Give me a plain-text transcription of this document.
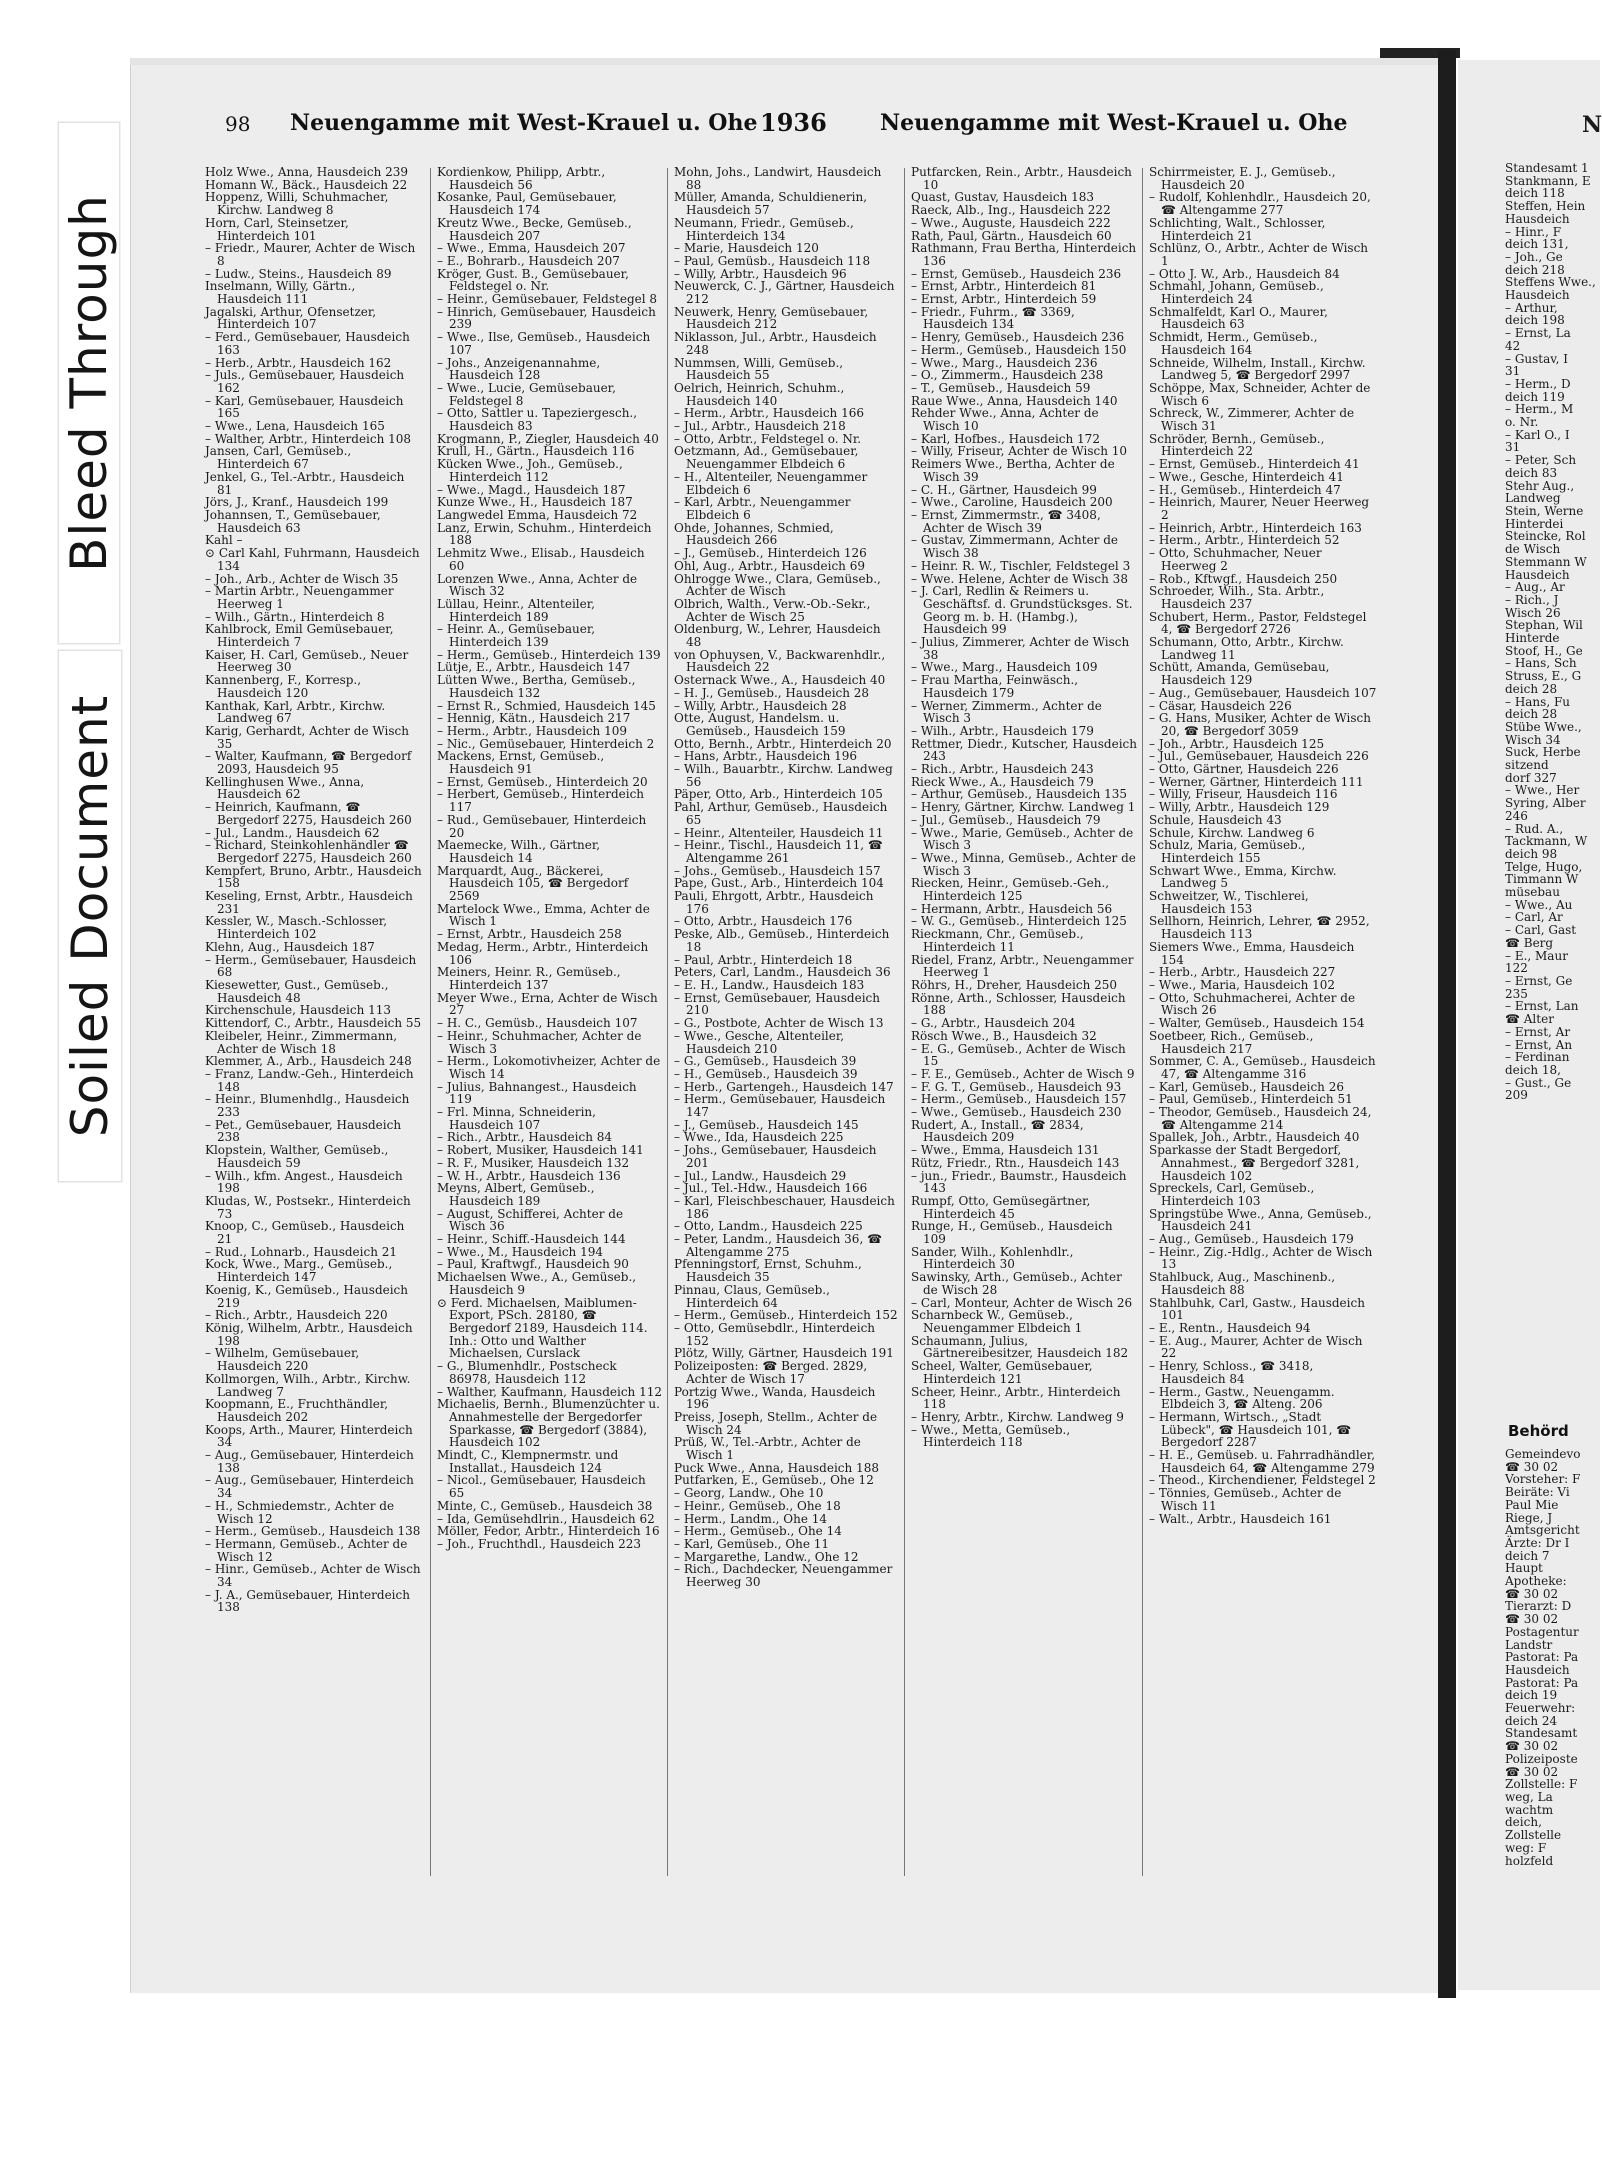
Bleed Through
Soiled Document
98 Neuengamme mit West-Krauel u. Ohe 1936 Neuengamme mit West-Krauel u. Ohe	N

Holz Wwe., Anna, Hausdeich 239

Homann W., Bäck., Hausdeich 22

Hoppenz, Willi, Schuhmacher, Kirchw. Landweg 8

Horn, Carl, Steinsetzer, Hinterdeich 101

– Friedr., Maurer, Achter de Wisch 8

– Ludw., Steins., Hausdeich 89

Inselmann, Willy, Gärtn., Hausdeich 111

Jagalski, Arthur, Ofensetzer, Hinterdeich 107

– Ferd., Gemüsebauer, Hausdeich 163

– Herb., Arbtr., Hausdeich 162

– Juls., Gemüsebauer, Hausdeich 162

– Karl, Gemüsebauer, Hausdeich 165

– Wwe., Lena, Hausdeich 165

– Walther, Arbtr., Hinterdeich 108

Jansen, Carl, Gemüseb., Hinterdeich 67

Jenkel, G., Tel.-Arbtr., Hausdeich 81

Jörs, J., Kranf., Hausdeich 199

Johannsen, T., Gemüsebauer, Hausdeich 63

Kahl –

⊙ Carl Kahl, Fuhrmann, Hausdeich 134

– Joh., Arb., Achter de Wisch 35

– Martin Arbtr., Neuengammer Heerweg 1

– Wilh., Gärtn., Hinterdeich 8

Kahlbrock, Emil Gemüsebauer, Hinterdeich 7

Kaiser, H. Carl, Gemüseb., Neuer Heerweg 30

Kannenberg, F., Korresp., Hausdeich 120

Kanthak, Karl, Arbtr., Kirchw. Landweg 67

Karig, Gerhardt, Achter de Wisch 35

– Walter, Kaufmann, ☎ Bergedorf 2093, Hausdeich 95

Kellinghusen Wwe., Anna, Hausdeich 62

– Heinrich, Kaufmann, ☎ Bergedorf 2275, Hausdeich 260

– Jul., Landm., Hausdeich 62

– Richard, Steinkohlenhändler ☎ Bergedorf 2275, Hausdeich 260

Kempfert, Bruno, Arbtr., Hausdeich 158

Keseling, Ernst, Arbtr., Hausdeich 231

Kessler, W., Masch.-Schlosser, Hinterdeich 102

Klehn, Aug., Hausdeich 187

– Herm., Gemüsebauer, Hausdeich 68

Kiesewetter, Gust., Gemüseb., Hausdeich 48

Kirchenschule, Hausdeich 113

Kittendorf, C., Arbtr., Hausdeich 55

Kleibeler, Heinr., Zimmermann, Achter de Wisch 18

Klemmer, A., Arb., Hausdeich 248

– Franz, Landw.-Geh., Hinterdeich 148

– Heinr., Blumenhdlg., Hausdeich 233

– Pet., Gemüsebauer, Hausdeich 238

Klopstein, Walther, Gemüseb., Hausdeich 59

– Wilh., kfm. Angest., Hausdeich 198

Kludas, W., Postsekr., Hinterdeich 73

Knoop, C., Gemüseb., Hausdeich 21

– Rud., Lohnarb., Hausdeich 21

Kock, Wwe., Marg., Gemüseb., Hinterdeich 147

Koenig, K., Gemüseb., Hausdeich 219

– Rich., Arbtr., Hausdeich 220

König, Wilhelm, Arbtr., Hausdeich 198

– Wilhelm, Gemüsebauer, Hausdeich 220

Kollmorgen, Wilh., Arbtr., Kirchw. Landweg 7

Koopmann, E., Fruchthändler, Hausdeich 202

Koops, Arth., Maurer, Hinterdeich 34

– Aug., Gemüsebauer, Hinterdeich 138

– Aug., Gemüsebauer, Hinterdeich 34

– H., Schmiedemstr., Achter de Wisch 12

– Herm., Gemüseb., Hausdeich 138

– Hermann, Gemüseb., Achter de Wisch 12

– Hinr., Gemüseb., Achter de Wisch 34

– J. A., Gemüsebauer, Hinterdeich 138

Kordienkow, Philipp, Arbtr., Hausdeich 56

Kosanke, Paul, Gemüsebauer, Hausdeich 174

Kreutz Wwe., Becke, Gemüseb., Hausdeich 207

– Wwe., Emma, Hausdeich 207

– E., Bohrarb., Hausdeich 207

Kröger, Gust. B., Gemüsebauer, Feldstegel o. Nr.

– Heinr., Gemüsebauer, Feldstegel 8

– Hinrich, Gemüsebauer, Hausdeich 239

– Wwe., Ilse, Gemüseb., Hausdeich 107

– Johs., Anzeigenannahme, Hausdeich 128

– Wwe., Lucie, Gemüsebauer, Feldstegel 8

– Otto, Sattler u. Tapeziergesch., Hausdeich 83

Krogmann, P., Ziegler, Hausdeich 40

Krull, H., Gärtn., Hausdeich 116

Kücken Wwe., Joh., Gemüseb., Hinterdeich 112

– Wwe., Magd., Hausdeich 187

Kunze Wwe., H., Hausdeich 187

Langwedel Emma, Hausdeich 72

Lanz, Erwin, Schuhm., Hinterdeich 188

Lehmitz Wwe., Elisab., Hausdeich 60

Lorenzen Wwe., Anna, Achter de Wisch 32

Lüllau, Heinr., Altenteiler, Hinterdeich 189

– Heinr. A., Gemüsebauer, Hinterdeich 139

– Herm., Gemüseb., Hinterdeich 139

Lütje, E., Arbtr., Hausdeich 147

Lütten Wwe., Bertha, Gemüseb., Hausdeich 132

– Ernst R., Schmied, Hausdeich 145

– Hennig, Kätn., Hausdeich 217

– Herm., Arbtr., Hausdeich 109

– Nic., Gemüsebauer, Hinterdeich 2

Mackens, Ernst, Gemüseb., Hausdeich 91

– Ernst, Gemüseb., Hinterdeich 20

– Herbert, Gemüseb., Hinterdeich 117

– Rud., Gemüsebauer, Hinterdeich 20

Maemecke, Wilh., Gärtner, Hausdeich 14

Marquardt, Aug., Bäckerei, Hausdeich 105, ☎ Bergedorf 2569

Martelock Wwe., Emma, Achter de Wisch 1

– Ernst, Arbtr., Hausdeich 258

Medag, Herm., Arbtr., Hinterdeich 106

Meiners, Heinr. R., Gemüseb., Hinterdeich 137

Meyer Wwe., Erna, Achter de Wisch 27

– H. C., Gemüsb., Hausdeich 107

– Heinr., Schuhmacher, Achter de Wisch 3

– Herm., Lokomotivheizer, Achter de Wisch 14

– Julius, Bahnangest., Hausdeich 119

– Frl. Minna, Schneiderin, Hausdeich 107

– Rich., Arbtr., Hausdeich 84

– Robert, Musiker, Hausdeich 141

– R. F., Musiker, Hausdeich 132

– W. H., Arbtr., Hausdeich 136

Meyns, Albert, Gemüseb., Hausdeich 189

– August, Schifferei, Achter de Wisch 36

– Heinr., Schiff.-Hausdeich 144

– Wwe., M., Hausdeich 194

– Paul, Kraftwgf., Hausdeich 90

Michaelsen Wwe., A., Gemüseb., Hausdeich 9

⊙ Ferd. Michaelsen, Maiblumen-Export, PSch. 28180, ☎ Bergedorf 2189, Hausdeich 114. Inh.: Otto und Walther Michaelsen, Curslack

– G., Blumenhdlr., Postscheck 86978, Hausdeich 112

– Walther, Kaufmann, Hausdeich 112

Michaelis, Bernh., Blumenzüchter u. Annahmestelle der Bergedorfer Sparkasse, ☎ Bergedorf (3884), Hausdeich 102

Mindt, C., Klempnermstr. und Installat., Hausdeich 124

– Nicol., Gemüsebauer, Hausdeich 65

Minte, C., Gemüseb., Hausdeich 38

– Ida, Gemüsehdlrin., Hausdeich 62

Möller, Fedor, Arbtr., Hinterdeich 16

– Joh., Fruchthdl., Hausdeich 223

Mohn, Johs., Landwirt, Hausdeich 88

Müller, Amanda, Schuldienerin, Hausdeich 57

Neumann, Friedr., Gemüseb., Hinterdeich 134

– Marie, Hausdeich 120

– Paul, Gemüsb., Hausdeich 118

– Willy, Arbtr., Hausdeich 96

Neuwerck, C. J., Gärtner, Hausdeich 212

Neuwerk, Henry, Gemüsebauer, Hausdeich 212

Niklasson, Jul., Arbtr., Hausdeich 248

Nummsen, Willi, Gemüseb., Hausdeich 55

Oelrich, Heinrich, Schuhm., Hausdeich 140

– Herm., Arbtr., Hausdeich 166

– Jul., Arbtr., Hausdeich 218

– Otto, Arbtr., Feldstegel o. Nr.

Oetzmann, Ad., Gemüsebauer, Neuengammer Elbdeich 6

– H., Altenteiler, Neuengammer Elbdeich 6

– Karl, Arbtr., Neuengammer Elbdeich 6

Ohde, Johannes, Schmied, Hausdeich 266

– J., Gemüseb., Hinterdeich 126

Ohl, Aug., Arbtr., Hausdeich 69

Ohlrogge Wwe., Clara, Gemüseb., Achter de Wisch

Olbrich, Walth., Verw.-Ob.-Sekr., Achter de Wisch 25

Oldenburg, W., Lehrer, Hausdeich 48

von Ophuysen, V., Backwarenhdlr., Hausdeich 22

Osternack Wwe., A., Hausdeich 40

– H. J., Gemüseb., Hausdeich 28

– Willy, Arbtr., Hausdeich 28

Otte, August, Handelsm. u. Gemüseb., Hausdeich 159

Otto, Bernh., Arbtr., Hinterdeich 20

– Hans, Arbtr., Hausdeich 196

– Wilh., Bauarbtr., Kirchw. Landweg 56

Päper, Otto, Arb., Hinterdeich 105

Pahl, Arthur, Gemüseb., Hausdeich 65

– Heinr., Altenteiler, Hausdeich 11

– Heinr., Tischl., Hausdeich 11, ☎ Altengamme 261

– Johs., Gemüseb., Hausdeich 157

Pape, Gust., Arb., Hinterdeich 104

Pauli, Ehrgott, Arbtr., Hausdeich 176

– Otto, Arbtr., Hausdeich 176

Peske, Alb., Gemüseb., Hinterdeich 18

– Paul, Arbtr., Hinterdeich 18

Peters, Carl, Landm., Hausdeich 36

– E. H., Landw., Hausdeich 183

– Ernst, Gemüsebauer, Hausdeich 210

– G., Postbote, Achter de Wisch 13

– Wwe., Gesche, Altenteiler, Hausdeich 210

– G., Gemüseb., Hausdeich 39

– H., Gemüseb., Hausdeich 39

– Herb., Gartengeh., Hausdeich 147

– Herm., Gemüsebauer, Hausdeich 147

– J., Gemüseb., Hausdeich 145

– Wwe., Ida, Hausdeich 225

– Johs., Gemüsebauer, Hausdeich 201

– Jul., Landw., Hausdeich 29

– Jul., Tel.-Hdw., Hausdeich 166

– Karl, Fleischbeschauer, Hausdeich 186

– Otto, Landm., Hausdeich 225

– Peter, Landm., Hausdeich 36, ☎ Altengamme 275

Pfenningstorf, Ernst, Schuhm., Hausdeich 35

Pinnau, Claus, Gemüseb., Hinterdeich 64

– Herm., Gemüseb., Hinterdeich 152

– Otto, Gemüsebdlr., Hinterdeich 152

Plötz, Willy, Gärtner, Hausdeich 191

Polizeiposten: ☎ Berged. 2829, Achter de Wisch 17

Portzig Wwe., Wanda, Hausdeich 196

Preiss, Joseph, Stellm., Achter de Wisch 24

Prüß, W., Tel.-Arbtr., Achter de Wisch 1

Puck Wwe., Anna, Hausdeich 188

Putfarken, E., Gemüseb., Ohe 12

– Georg, Landw., Ohe 10

– Heinr., Gemüseb., Ohe 18

– Herm., Landm., Ohe 14

– Herm., Gemüseb., Ohe 14

– Karl, Gemüseb., Ohe 11

– Margarethe, Landw., Ohe 12

– Rich., Dachdecker, Neuengammer Heerweg 30

Putfarcken, Rein., Arbtr., Hausdeich 10

Quast, Gustav, Hausdeich 183

Raeck, Alb., Ing., Hausdeich 222

– Wwe., Auguste, Hausdeich 222

Rath, Paul, Gärtn., Hausdeich 60

Rathmann, Frau Bertha, Hinterdeich 136

– Ernst, Gemüseb., Hausdeich 236

– Ernst, Arbtr., Hinterdeich 81

– Ernst, Arbtr., Hinterdeich 59

– Friedr., Fuhrm., ☎ 3369, Hausdeich 134

– Henry, Gemüseb., Hausdeich 236

– Herm., Gemüseb., Hausdeich 150

– Wwe., Marg., Hausdeich 236

– O., Zimmerm., Hausdeich 238

– T., Gemüseb., Hausdeich 59

Raue Wwe., Anna, Hausdeich 140

Rehder Wwe., Anna, Achter de Wisch 10

– Karl, Hofbes., Hausdeich 172

– Willy, Friseur, Achter de Wisch 10

Reimers Wwe., Bertha, Achter de Wisch 39

– C. H., Gärtner, Hausdeich 99

– Wwe., Caroline, Hausdeich 200

– Ernst, Zimmermstr., ☎ 3408, Achter de Wisch 39

– Gustav, Zimmermann, Achter de Wisch 38

– Heinr. R. W., Tischler, Feldstegel 3

– Wwe. Helene, Achter de Wisch 38

– J. Carl, Redlin & Reimers u. Geschäftsf. d. Grundstücksges. St. Georg m. b. H. (Hambg.), Hausdeich 99

– Julius, Zimmerer, Achter de Wisch 38

– Wwe., Marg., Hausdeich 109

– Frau Martha, Feinwäsch., Hausdeich 179

– Werner, Zimmerm., Achter de Wisch 3

– Wilh., Arbtr., Hausdeich 179

Rettmer, Diedr., Kutscher, Hausdeich 243

– Rich., Arbtr., Hausdeich 243

Rieck Wwe., A., Hausdeich 79

– Arthur, Gemüseb., Hausdeich 135

– Henry, Gärtner, Kirchw. Landweg 1

– Jul., Gemüseb., Hausdeich 79

– Wwe., Marie, Gemüseb., Achter de Wisch 3

– Wwe., Minna, Gemüseb., Achter de Wisch 3

Riecken, Heinr., Gemüseb.-Geh., Hinterdeich 125

– Hermann, Arbtr., Hausdeich 56

– W. G., Gemüseb., Hinterdeich 125

Rieckmann, Chr., Gemüseb., Hinterdeich 11

Riedel, Franz, Arbtr., Neuengammer Heerweg 1

Röhrs, H., Dreher, Hausdeich 250

Rönne, Arth., Schlosser, Hausdeich 188

– G., Arbtr., Hausdeich 204

Rösch Wwe., B., Hausdeich 32

– E. G., Gemüseb., Achter de Wisch 15

– F. E., Gemüseb., Achter de Wisch 9

– F. G. T., Gemüseb., Hausdeich 93

– Herm., Gemüseb., Hausdeich 157

– Wwe., Gemüseb., Hausdeich 230

Rudert, A., Install., ☎ 2834, Hausdeich 209

– Wwe., Emma, Hausdeich 131

Rütz, Friedr., Rtn., Hausdeich 143

– jun., Friedr., Baumstr., Hausdeich 143

Rumpf, Otto, Gemüsegärtner, Hinterdeich 45

Runge, H., Gemüseb., Hausdeich 109

Sander, Wilh., Kohlenhdlr., Hinterdeich 30

Sawinsky, Arth., Gemüseb., Achter de Wisch 28

– Carl, Monteur, Achter de Wisch 26

Scharnbeck W., Gemüseb., Neuengammer Elbdeich 1

Schaumann, Julius, Gärtnereibesitzer, Hausdeich 182

Scheel, Walter, Gemüsebauer, Hinterdeich 121

Scheer, Heinr., Arbtr., Hinterdeich 118

– Henry, Arbtr., Kirchw. Landweg 9

– Wwe., Metta, Gemüseb., Hinterdeich 118

Schirrmeister, E. J., Gemüseb., Hausdeich 20

– Rudolf, Kohlenhdlr., Hausdeich 20, ☎ Altengamme 277

Schlichting, Walt., Schlosser, Hinterdeich 21

Schlünz, O., Arbtr., Achter de Wisch 1

– Otto J. W., Arb., Hausdeich 84

Schmahl, Johann, Gemüseb., Hinterdeich 24

Schmalfeldt, Karl O., Maurer, Hausdeich 63

Schmidt, Herm., Gemüseb., Hausdeich 164

Schneide, Wilhelm, Install., Kirchw. Landweg 5, ☎ Bergedorf 2997

Schöppe, Max, Schneider, Achter de Wisch 6

Schreck, W., Zimmerer, Achter de Wisch 31

Schröder, Bernh., Gemüseb., Hinterdeich 22

– Ernst, Gemüseb., Hinterdeich 41

– Wwe., Gesche, Hinterdeich 41

– H., Gemüseb., Hinterdeich 47

– Heinrich, Maurer, Neuer Heerweg 2

– Heinrich, Arbtr., Hinterdeich 163

– Herm., Arbtr., Hinterdeich 52

– Otto, Schuhmacher, Neuer Heerweg 2

– Rob., Kftwgf., Hausdeich 250

Schroeder, Wilh., Sta. Arbtr., Hausdeich 237

Schubert, Herm., Pastor, Feldstegel 4, ☎ Bergedorf 2726

Schumann, Otto, Arbtr., Kirchw. Landweg 11

Schütt, Amanda, Gemüsebau, Hausdeich 129

– Aug., Gemüsebauer, Hausdeich 107

– Cäsar, Hausdeich 226

– G. Hans, Musiker, Achter de Wisch 20, ☎ Bergedorf 3059

– Joh., Arbtr., Hausdeich 125

– Jul., Gemüsebauer, Hausdeich 226

– Otto, Gärtner, Hausdeich 226

– Werner, Gärtner, Hinterdeich 111

– Willy, Friseur, Hausdeich 116

– Willy, Arbtr., Hausdeich 129

Schule, Hausdeich 43

Schule, Kirchw. Landweg 6

Schulz, Maria, Gemüseb., Hinterdeich 155

Schwart Wwe., Emma, Kirchw. Landweg 5

Schweitzer, W., Tischlerei, Hausdeich 153

Sellhorn, Heinrich, Lehrer, ☎ 2952, Hausdeich 113

Siemers Wwe., Emma, Hausdeich 154

– Herb., Arbtr., Hausdeich 227

– Wwe., Maria, Hausdeich 102

– Otto, Schuhmacherei, Achter de Wisch 26

– Walter, Gemüseb., Hausdeich 154

Soetbeer, Rich., Gemüseb., Hausdeich 217

Sommer, C. A., Gemüseb., Hausdeich 47, ☎ Altengamme 316

– Karl, Gemüseb., Hausdeich 26

– Paul, Gemüseb., Hinterdeich 51

– Theodor, Gemüseb., Hausdeich 24, ☎ Altengamme 214

Spallek, Joh., Arbtr., Hausdeich 40

Sparkasse der Stadt Bergedorf, Annahmest., ☎ Bergedorf 3281, Hausdeich 102

Spreckels, Carl, Gemüseb., Hinterdeich 103

Springstübe Wwe., Anna, Gemüseb., Hausdeich 241

– Aug., Gemüseb., Hausdeich 179

– Heinr., Zig.-Hdlg., Achter de Wisch 13

Stahlbuck, Aug., Maschinenb., Hausdeich 88

Stahlbuhk, Carl, Gastw., Hausdeich 101

– E., Rentn., Hausdeich 94

– E. Aug., Maurer, Achter de Wisch 22

– Henry, Schloss., ☎ 3418, Hausdeich 84

– Herm., Gastw., Neuengamm. Elbdeich 3, ☎ Alteng. 206

– Hermann, Wirtsch., „Stadt Lübeck", ☎ Hausdeich 101, ☎ Bergedorf 2287

– H. E., Gemüseb. u. Fahrradhändler, Hausdeich 64, ☎ Altengamme 279

– Theod., Kirchendiener, Feldstegel 2

– Tönnies, Gemüseb., Achter de Wisch 11

– Walt., Arbtr., Hausdeich 161

Standesamt 1

Stankmann, E

deich 118

Steffen, Hein

Hausdeich

– Hinr., F

deich 131,

– Joh., Ge

deich 218

Steffens Wwe.,

Hausdeich

– Arthur,

deich 198

– Ernst, La

42

– Gustav, I

31

– Herm., D

deich 119

– Herm., M

o. Nr.

– Karl O., I

31

– Peter, Sch

deich 83

Stehr Aug.,

Landweg

Stein, Werne

Hinterdei

Steincke, Rol

de Wisch

Stemmann W

Hausdeich

– Aug., Ar

– Rich., J

Wisch 26

Stephan, Wil

Hinterde

Stoof, H., Ge

– Hans, Sch

Struss, E., G

deich 28

– Hans, Fu

deich 28

Stübe Wwe.,

Wisch 34

Suck, Herbe

sitzend

dorf 327

– Wwe., Her

Syring, Alber

246

– Rud. A.,

Tackmann, W

deich 98

Telge, Hugo,

Timmann W

müsebau

– Wwe., Au

– Carl, Ar

– Carl, Gast

☎ Berg

– E., Maur

122

– Ernst, Ge

235

– Ernst, Lan

☎ Alter

– Ernst, Ar

– Ernst, An

– Ferdinan

deich 18,

– Gust., Ge

209

Behörd

Gemeindevo

☎ 30 02

Vorsteher: F

Beiräte: Vi

Paul Mie

Riege, J

Amtsgericht

Ärzte: Dr I

deich 7

Haupt

Apotheke:

☎ 30 02

Tierarzt: D

☎ 30 02

Postagentur

Landstr

Pastorat: Pa

Hausdeich

Pastorat: Pa

deich 19

Feuerwehr:

deich 24

Standesamt

☎ 30 02

Polizeiposte

☎ 30 02

Zollstelle: F

weg, La

wachtm

deich,

Zollstelle

weg: F

holzfeld
